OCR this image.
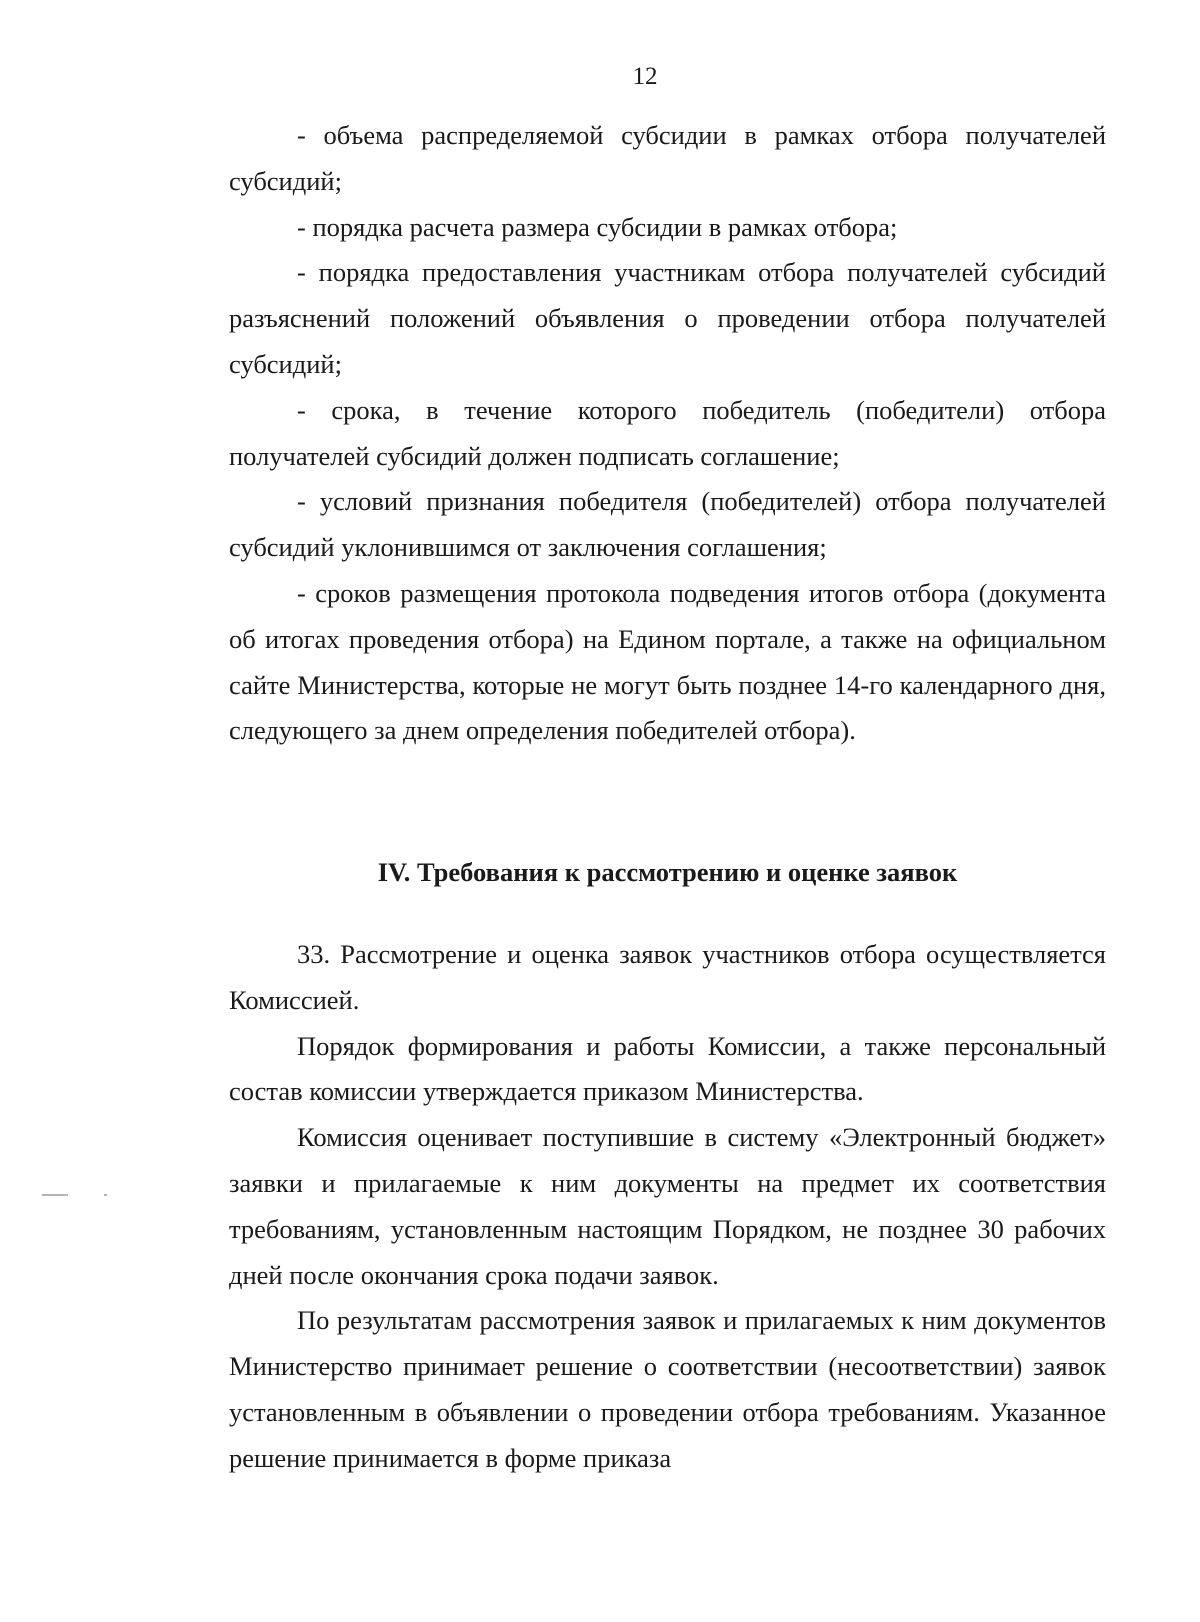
12

- объема распределяемой субсидии в рамках отбора получателей субсидий;

- порядка расчета размера субсидии в рамках отбора;

- порядка предоставления участникам отбора получателей субсидий разъяснений положений объявления о проведении отбора получателей субсидий;

- срока, в течение которого победитель (победители) отбора получателей субсидий должен подписать соглашение;

- условий признания победителя (победителей) отбора получателей субсидий уклонившимся от заключения соглашения;

- сроков размещения протокола подведения итогов отбора (документа об итогах проведения отбора) на Едином портале, а также на официальном сайте Министерства, которые не могут быть позднее 14-го календарного дня, следующего за днем определения победителей отбора).

IV. Требования к рассмотрению и оценке заявок

33. Рассмотрение и оценка заявок участников отбора осуществляется Комиссией.

Порядок формирования и работы Комиссии, а также персональный состав комиссии утверждается приказом Министерства.

Комиссия оценивает поступившие в систему «Электронный бюджет» заявки и прилагаемые к ним документы на предмет их соответствия требованиям, установленным настоящим Порядком, не позднее 30 рабочих дней после окончания срока подачи заявок.

По результатам рассмотрения заявок и прилагаемых к ним документов Министерство принимает решение о соответствии (несоответствии) заявок установленным в объявлении о проведении отбора требованиям. Указанное решение принимается в форме приказа
